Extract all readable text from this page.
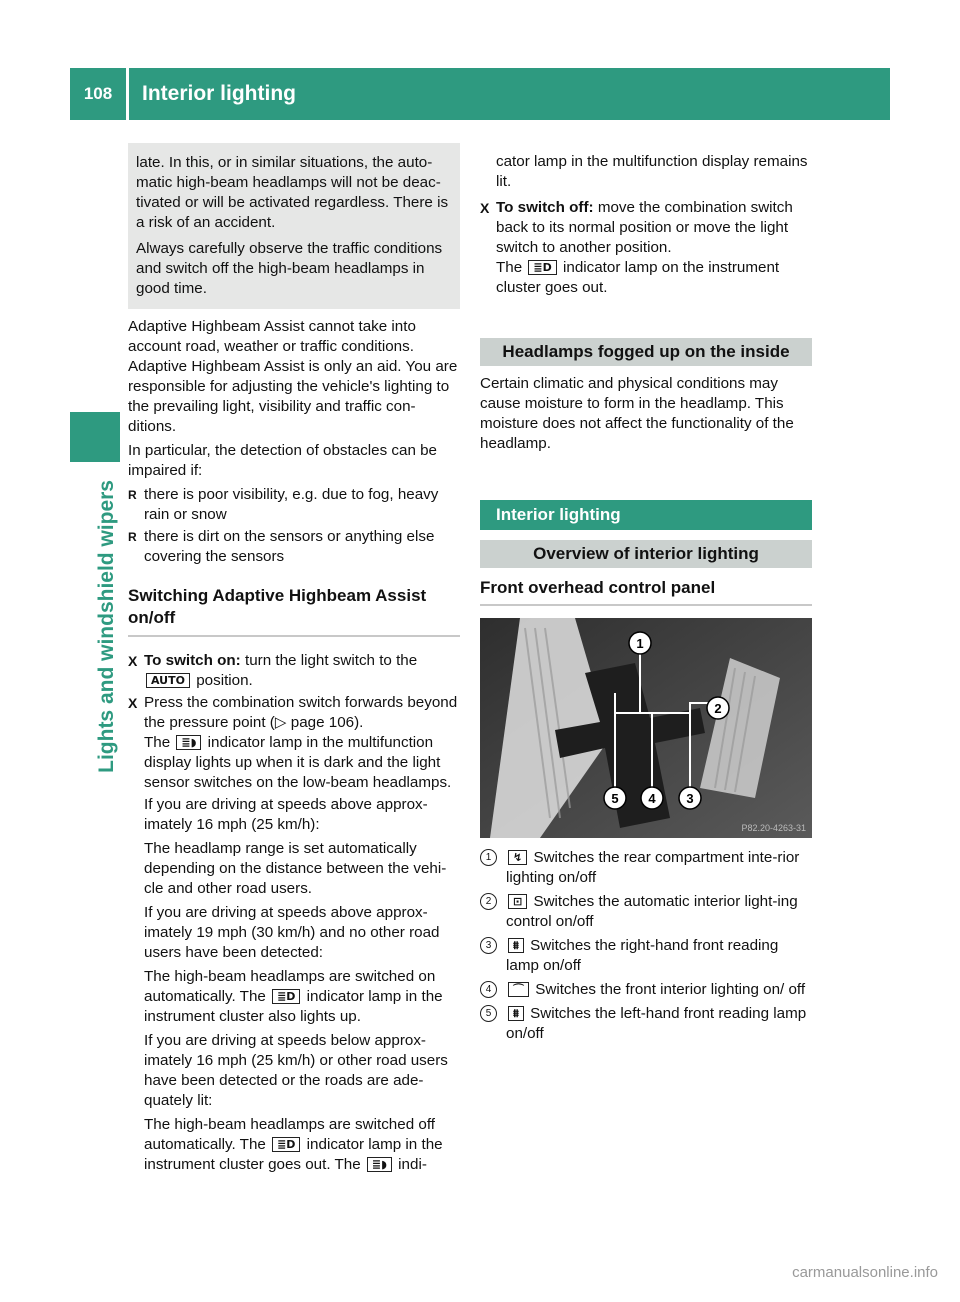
108	Interior lighting
Lights and windshield wipers

late. In this, or in similar situations, the auto-matic high-beam headlamps will not be deac-tivated or will be activated regardless. There is a risk of an accident.

Always carefully observe the traffic conditions and switch off the high-beam headlamps in good time.

Adaptive Highbeam Assist cannot take into account road, weather or traffic conditions. Adaptive Highbeam Assist is only an aid. You are responsible for adjusting the vehicle's lighting to the prevailing light, visibility and traffic con-ditions.

In particular, the detection of obstacles can be impaired if:

R there is poor visibility, e.g. due to fog, heavy rain or snow
R there is dirt on the sensors or anything else covering the sensors
Switching Adaptive Highbeam Assist on/off
X To switch on: turn the light switch to the AUTO position.
X Press the combination switch forwards beyond the pressure point (▷ page 106).
The ≣◗ indicator lamp in the multifunction display lights up when it is dark and the light sensor switches on the low-beam headlamps.

If you are driving at speeds above approx-imately 16 mph (25 km/h):

The headlamp range is set automatically depending on the distance between the vehi-cle and other road users.

If you are driving at speeds above approx-imately 19 mph (30 km/h) and no other road users have been detected:

The high-beam headlamps are switched on automatically. The ≣D indicator lamp in the instrument cluster also lights up.

If you are driving at speeds below approx-imately 16 mph (25 km/h) or other road users have been detected or the roads are ade-quately lit:

The high-beam headlamps are switched off automatically. The ≣D indicator lamp in the instrument cluster goes out. The ≣◗ indi-

cator lamp in the multifunction display remains lit.

X To switch off: move the combination switch back to its normal position or move the light switch to another position.
The ≣D indicator lamp on the instrument cluster goes out.
Headlamps fogged up on the inside

Certain climatic and physical conditions may cause moisture to form in the headlamp. This moisture does not affect the functionality of the headlamp.

Interior lighting
Overview of interior lighting
Front overhead control panel
1
2
3
4
5
P82.20-4263-31
1	↯ Switches the rear compartment inte-rior lighting on/off
2	⊡ Switches the automatic interior light-ing control on/off
3	⩩ Switches the right-hand front reading lamp on/off
4	⌒ Switches the front interior lighting on/ off
5	⩩ Switches the left-hand front reading lamp on/off
carmanualsonline.info
